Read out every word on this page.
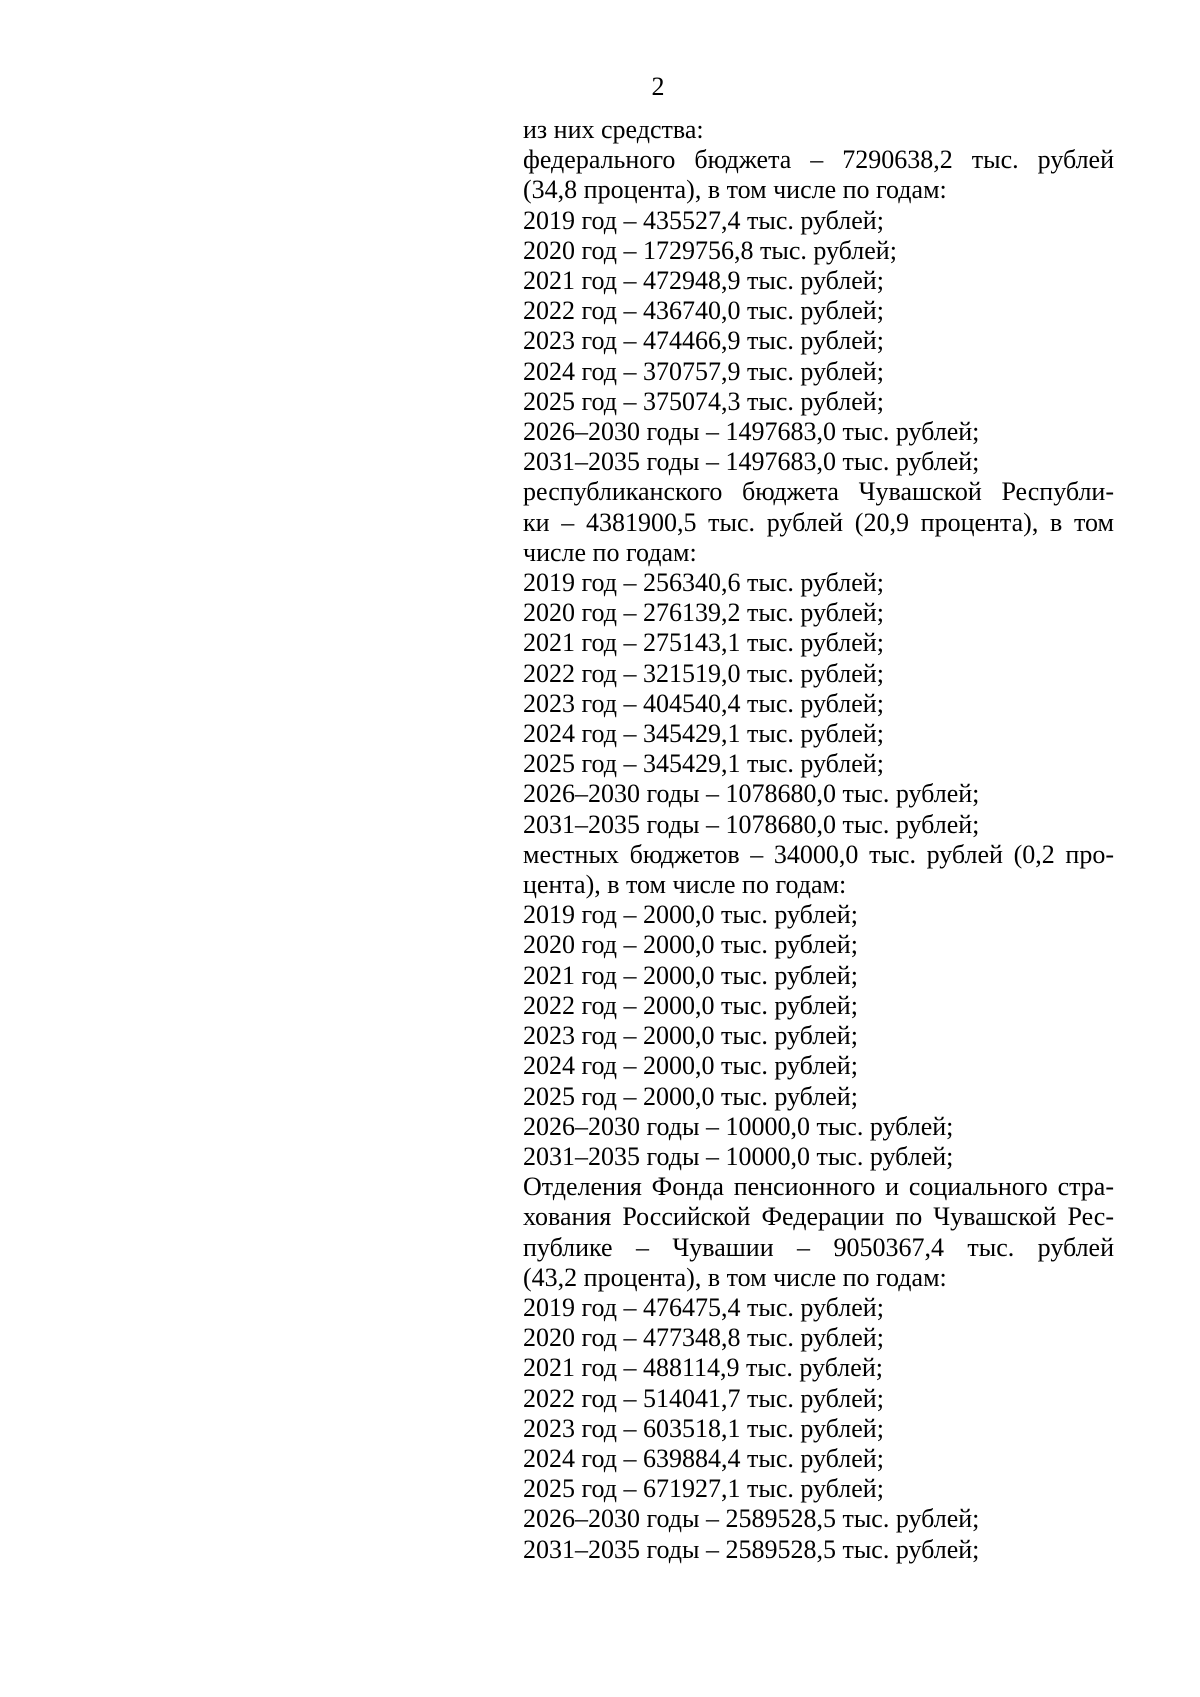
2

из них средства:

федерального бюджета – 7290638,2 тыс. рублей

(34,8 процента), в том числе по годам:

2019 год – 435527,4 тыс. рублей;

2020 год – 1729756,8 тыс. рублей;

2021 год – 472948,9 тыс. рублей;

2022 год – 436740,0 тыс. рублей;

2023 год – 474466,9 тыс. рублей;

2024 год – 370757,9 тыс. рублей;

2025 год – 375074,3 тыс. рублей;

2026–2030 годы – 1497683,0 тыс. рублей;

2031–2035 годы – 1497683,0 тыс. рублей;

республиканского бюджета Чувашской Республи-

ки – 4381900,5 тыс. рублей (20,9 процента), в том

числе по годам:

2019 год – 256340,6 тыс. рублей;

2020 год – 276139,2 тыс. рублей;

2021 год – 275143,1 тыс. рублей;

2022 год – 321519,0 тыс. рублей;

2023 год – 404540,4 тыс. рублей;

2024 год – 345429,1 тыс. рублей;

2025 год – 345429,1 тыс. рублей;

2026–2030 годы – 1078680,0 тыс. рублей;

2031–2035 годы – 1078680,0 тыс. рублей;

местных бюджетов – 34000,0 тыс. рублей (0,2 про-

цента), в том числе по годам:

2019 год – 2000,0 тыс. рублей;

2020 год – 2000,0 тыс. рублей;

2021 год – 2000,0 тыс. рублей;

2022 год – 2000,0 тыс. рублей;

2023 год – 2000,0 тыс. рублей;

2024 год – 2000,0 тыс. рублей;

2025 год – 2000,0 тыс. рублей;

2026–2030 годы – 10000,0 тыс. рублей;

2031–2035 годы – 10000,0 тыс. рублей;

Отделения Фонда пенсионного и социального стра-

хования Российской Федерации по Чувашской Рес-

публике – Чувашии – 9050367,4 тыс. рублей

(43,2 процента), в том числе по годам:

2019 год – 476475,4 тыс. рублей;

2020 год – 477348,8 тыс. рублей;

2021 год – 488114,9 тыс. рублей;

2022 год – 514041,7 тыс. рублей;

2023 год – 603518,1 тыс. рублей;

2024 год – 639884,4 тыс. рублей;

2025 год – 671927,1 тыс. рублей;

2026–2030 годы – 2589528,5 тыс. рублей;

2031–2035 годы – 2589528,5 тыс. рублей;
